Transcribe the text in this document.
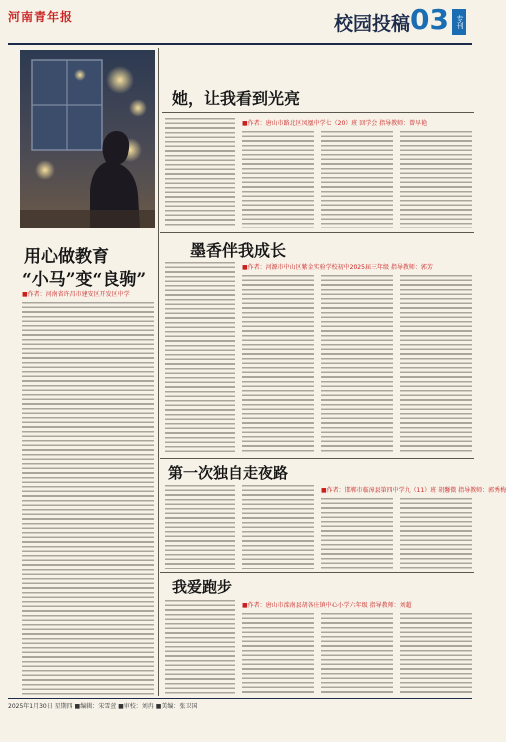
河南青年报	校园投稿 03	专刊
她，让我看到光亮
■作者：唐山市路北区凤凰中学七（20）班 回学会 指导教师：曾早艳
用心做教育
“小马”变“良驹”
■作者：河南省许昌市建安区开发区中学
墨香伴我成长
■作者：河源市中山区紫金实验学校初中2025届三年级 指导教师：郭芳
第一次独自走夜路
■作者：邯郸市临漳县第四中学九（11）班 胡馨微 指导教师：郭秀梅
我爱跑步
■作者：唐山市滦南县胡各庄镇中心小学六年级 指导教师：刘超
2025年1月30日 星期四 ■编辑：宋雪萱 ■审校：刘冉 ■美编：张卫国
